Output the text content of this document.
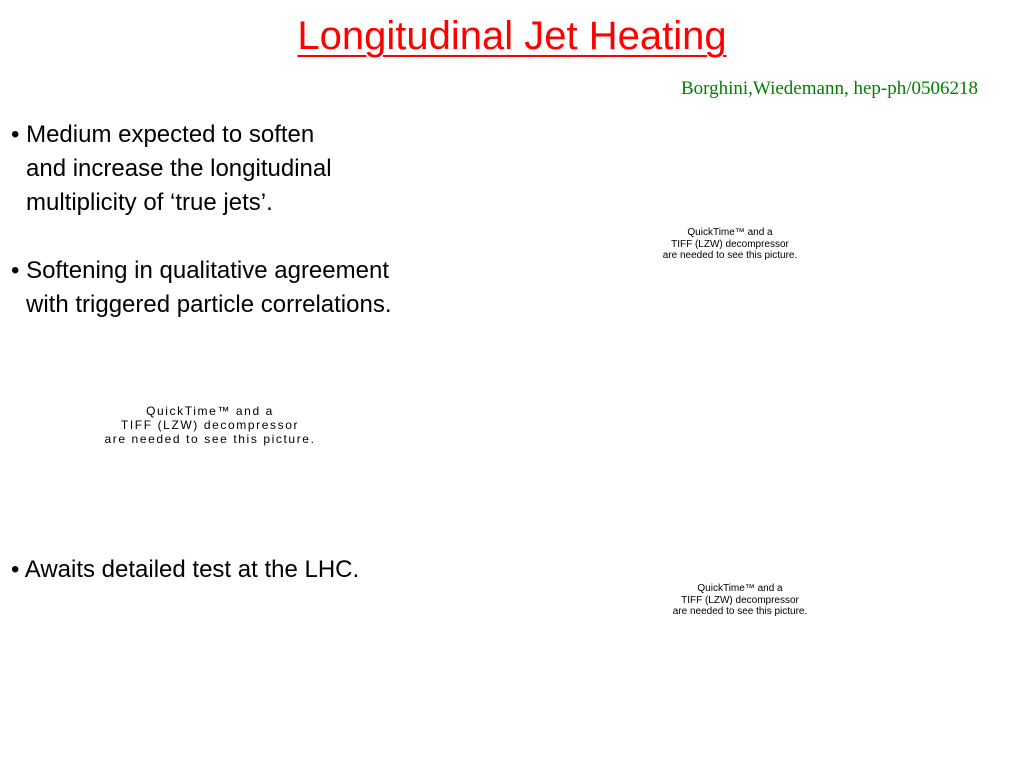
Longitudinal Jet Heating
Borghini,Wiedemann, hep-ph/0506218
• Medium expected to soften
and increase the longitudinal
multiplicity of ‘true jets’.
• Softening in qualitative agreement
with triggered particle correlations.
• Awaits detailed test at the LHC.
QuickTime™ and a
TIFF (LZW) decompressor
are needed to see this picture.
QuickTime™ and a
TIFF (LZW) decompressor
are needed to see this picture.
QuickTime™ and a
TIFF (LZW) decompressor
are needed to see this picture.
